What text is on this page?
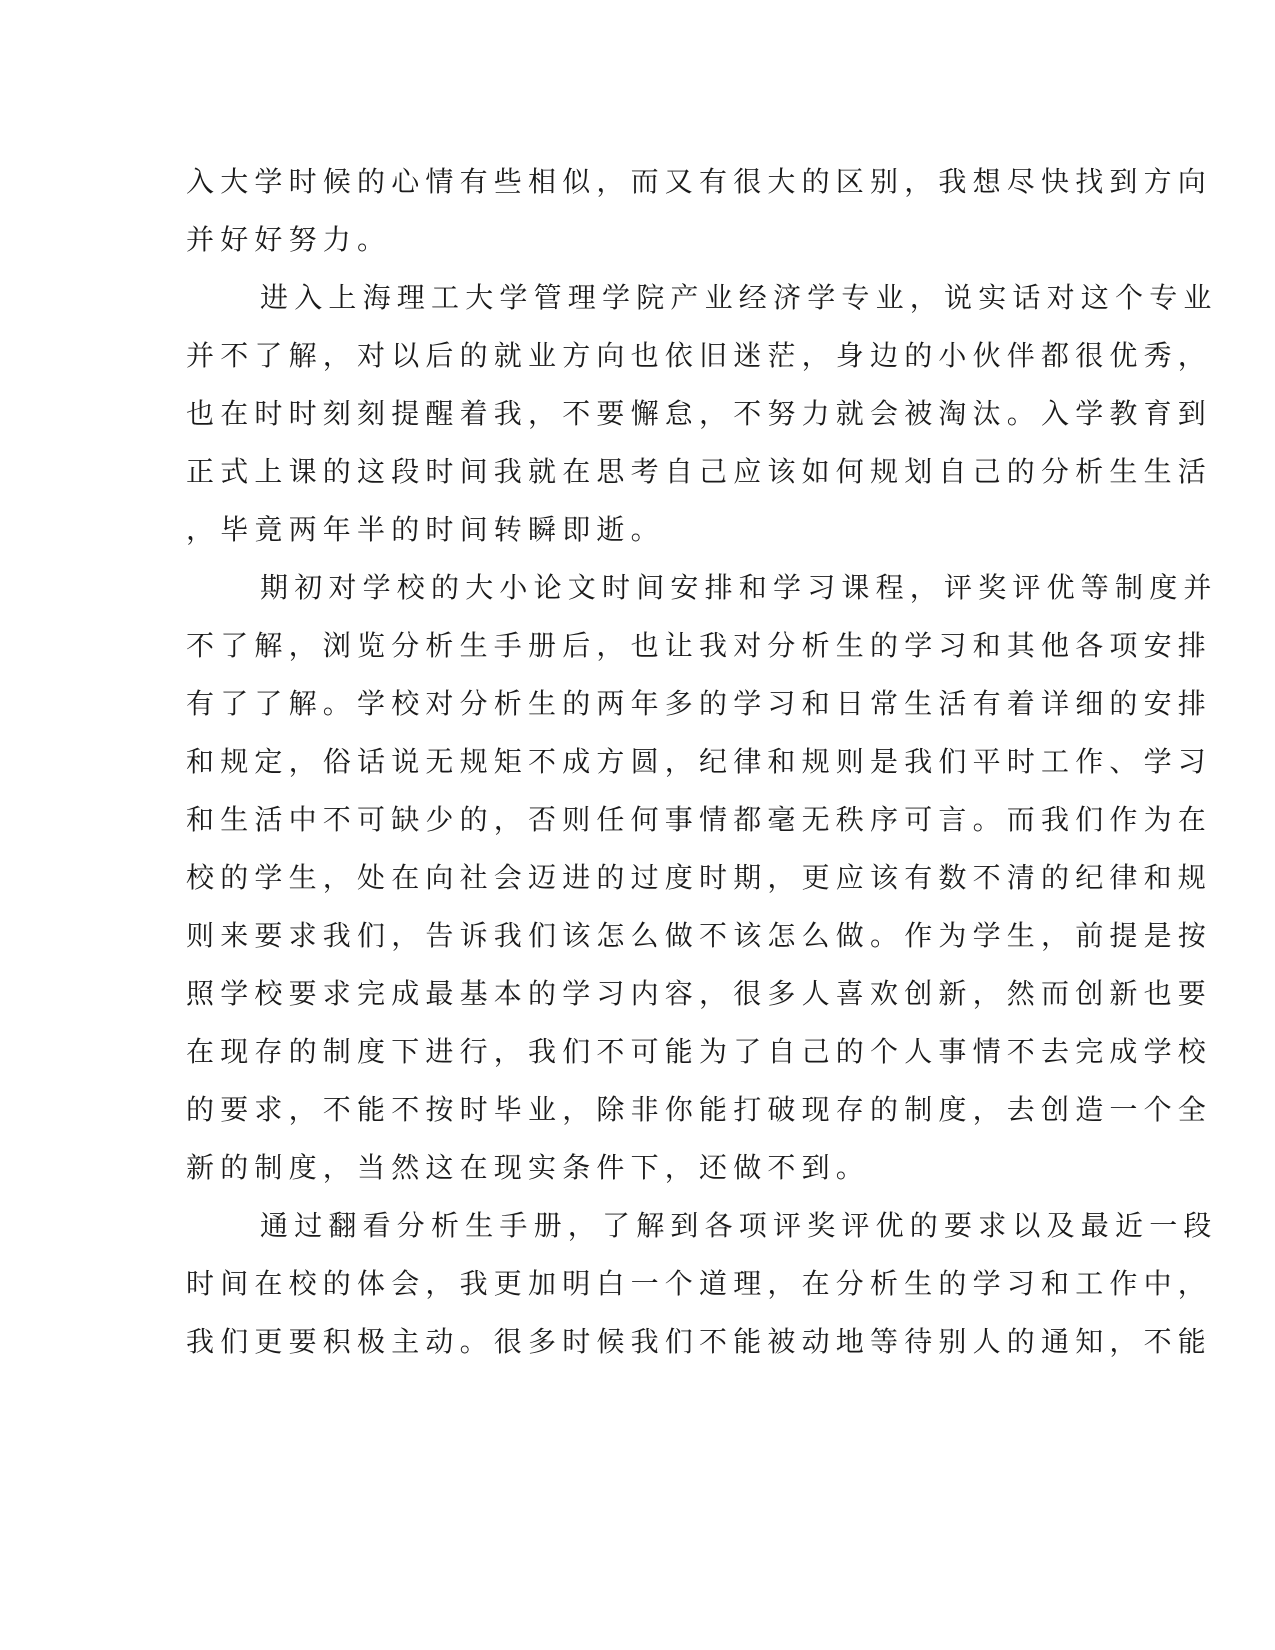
入大学时候的心情有些相似，而又有很大的区别，我想尽快找到方向
并好好努力。
进入上海理工大学管理学院产业经济学专业，说实话对这个专业
并不了解，对以后的就业方向也依旧迷茫，身边的小伙伴都很优秀，
也在时时刻刻提醒着我，不要懈怠，不努力就会被淘汰。入学教育到
正式上课的这段时间我就在思考自己应该如何规划自己的分析生生活
，毕竟两年半的时间转瞬即逝。
期初对学校的大小论文时间安排和学习课程，评奖评优等制度并
不了解，浏览分析生手册后，也让我对分析生的学习和其他各项安排
有了了解。学校对分析生的两年多的学习和日常生活有着详细的安排
和规定，俗话说无规矩不成方圆，纪律和规则是我们平时工作、学习
和生活中不可缺少的，否则任何事情都毫无秩序可言。而我们作为在
校的学生，处在向社会迈进的过度时期，更应该有数不清的纪律和规
则来要求我们，告诉我们该怎么做不该怎么做。作为学生，前提是按
照学校要求完成最基本的学习内容，很多人喜欢创新，然而创新也要
在现存的制度下进行，我们不可能为了自己的个人事情不去完成学校
的要求，不能不按时毕业，除非你能打破现存的制度，去创造一个全
新的制度，当然这在现实条件下，还做不到。
通过翻看分析生手册，了解到各项评奖评优的要求以及最近一段
时间在校的体会，我更加明白一个道理，在分析生的学习和工作中，
我们更要积极主动。很多时候我们不能被动地等待别人的通知，不能
